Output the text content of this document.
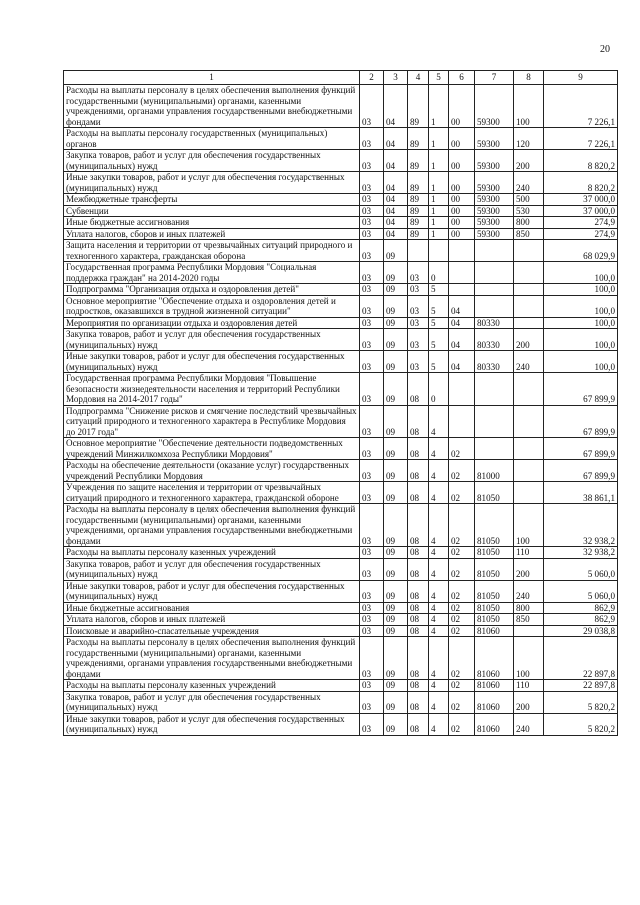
20
1	2	3	4	5	6	7	8	9
Расходы на выплаты персоналу в целях обеспечения выполнения функций государственными (муниципальными) органами, казенными учреждениями, органами управления государственными внебюджетными фондами	03	04	89	1	00	59300	100	7 226,1
Расходы на выплаты персоналу государственных (муниципальных) органов	03	04	89	1	00	59300	120	7 226,1
Закупка товаров, работ и услуг для обеспечения государственных (муниципальных) нужд	03	04	89	1	00	59300	200	8 820,2
Иные закупки товаров, работ и услуг для обеспечения государственных (муниципальных) нужд	03	04	89	1	00	59300	240	8 820,2
Межбюджетные трансферты	03	04	89	1	00	59300	500	37 000,0
Субвенции	03	04	89	1	00	59300	530	37 000,0
Иные бюджетные ассигнования	03	04	89	1	00	59300	800	274,9
Уплата налогов, сборов и иных платежей	03	04	89	1	00	59300	850	274,9
Защита населения и территории от чрезвычайных ситуаций природного и техногенного характера, гражданская оборона	03	09						68 029,9
Государственная программа Республики Мордовия "Социальная поддержка граждан" на 2014-2020 годы	03	09	03	0				100,0
Подпрограмма "Организация отдыха и оздоровления детей"	03	09	03	5				100,0
Основное мероприятие "Обеспечение отдыха и оздоровления детей и подростков, оказавшихся в трудной жизненной ситуации"	03	09	03	5	04			100,0
Мероприятия по организации отдыха и оздоровления детей	03	09	03	5	04	80330		100,0
Закупка товаров, работ и услуг для обеспечения государственных (муниципальных) нужд	03	09	03	5	04	80330	200	100,0
Иные закупки товаров, работ и услуг для обеспечения государственных (муниципальных) нужд	03	09	03	5	04	80330	240	100,0
Государственная программа Республики Мордовия "Повышение безопасности жизнедеятельности населения и территорий Республики Мордовия на 2014-2017 годы"	03	09	08	0				67 899,9
Подпрограмма "Снижение рисков и смягчение последствий чрезвычайных ситуаций природного и техногенного характера в Республике Мордовия до 2017 года"	03	09	08	4				67 899,9
Основное мероприятие "Обеспечение деятельности подведомственных учреждений Минжилкомхоза Республики Мордовия"	03	09	08	4	02			67 899,9
Расходы на обеспечение деятельности (оказание услуг) государственных учреждений Республики Мордовия	03	09	08	4	02	81000		67 899,9
Учреждения по защите населения и территории от чрезвычайных ситуаций природного и техногенного характера, гражданской обороне	03	09	08	4	02	81050		38 861,1
Расходы на выплаты персоналу в целях обеспечения выполнения функций государственными (муниципальными) органами, казенными учреждениями, органами управления государственными внебюджетными фондами	03	09	08	4	02	81050	100	32 938,2
Расходы на выплаты персоналу казенных учреждений	03	09	08	4	02	81050	110	32 938,2
Закупка товаров, работ и услуг для обеспечения государственных (муниципальных) нужд	03	09	08	4	02	81050	200	5 060,0
Иные закупки товаров, работ и услуг для обеспечения государственных (муниципальных) нужд	03	09	08	4	02	81050	240	5 060,0
Иные бюджетные ассигнования	03	09	08	4	02	81050	800	862,9
Уплата налогов, сборов и иных платежей	03	09	08	4	02	81050	850	862,9
Поисковые и аварийно-спасательные учреждения	03	09	08	4	02	81060		29 038,8
Расходы на выплаты персоналу в целях обеспечения выполнения функций государственными (муниципальными) органами, казенными учреждениями, органами управления государственными внебюджетными фондами	03	09	08	4	02	81060	100	22 897,8
Расходы на выплаты персоналу казенных учреждений	03	09	08	4	02	81060	110	22 897,8
Закупка товаров, работ и услуг для обеспечения государственных (муниципальных) нужд	03	09	08	4	02	81060	200	5 820,2
Иные закупки товаров, работ и услуг для обеспечения государственных (муниципальных) нужд	03	09	08	4	02	81060	240	5 820,2
